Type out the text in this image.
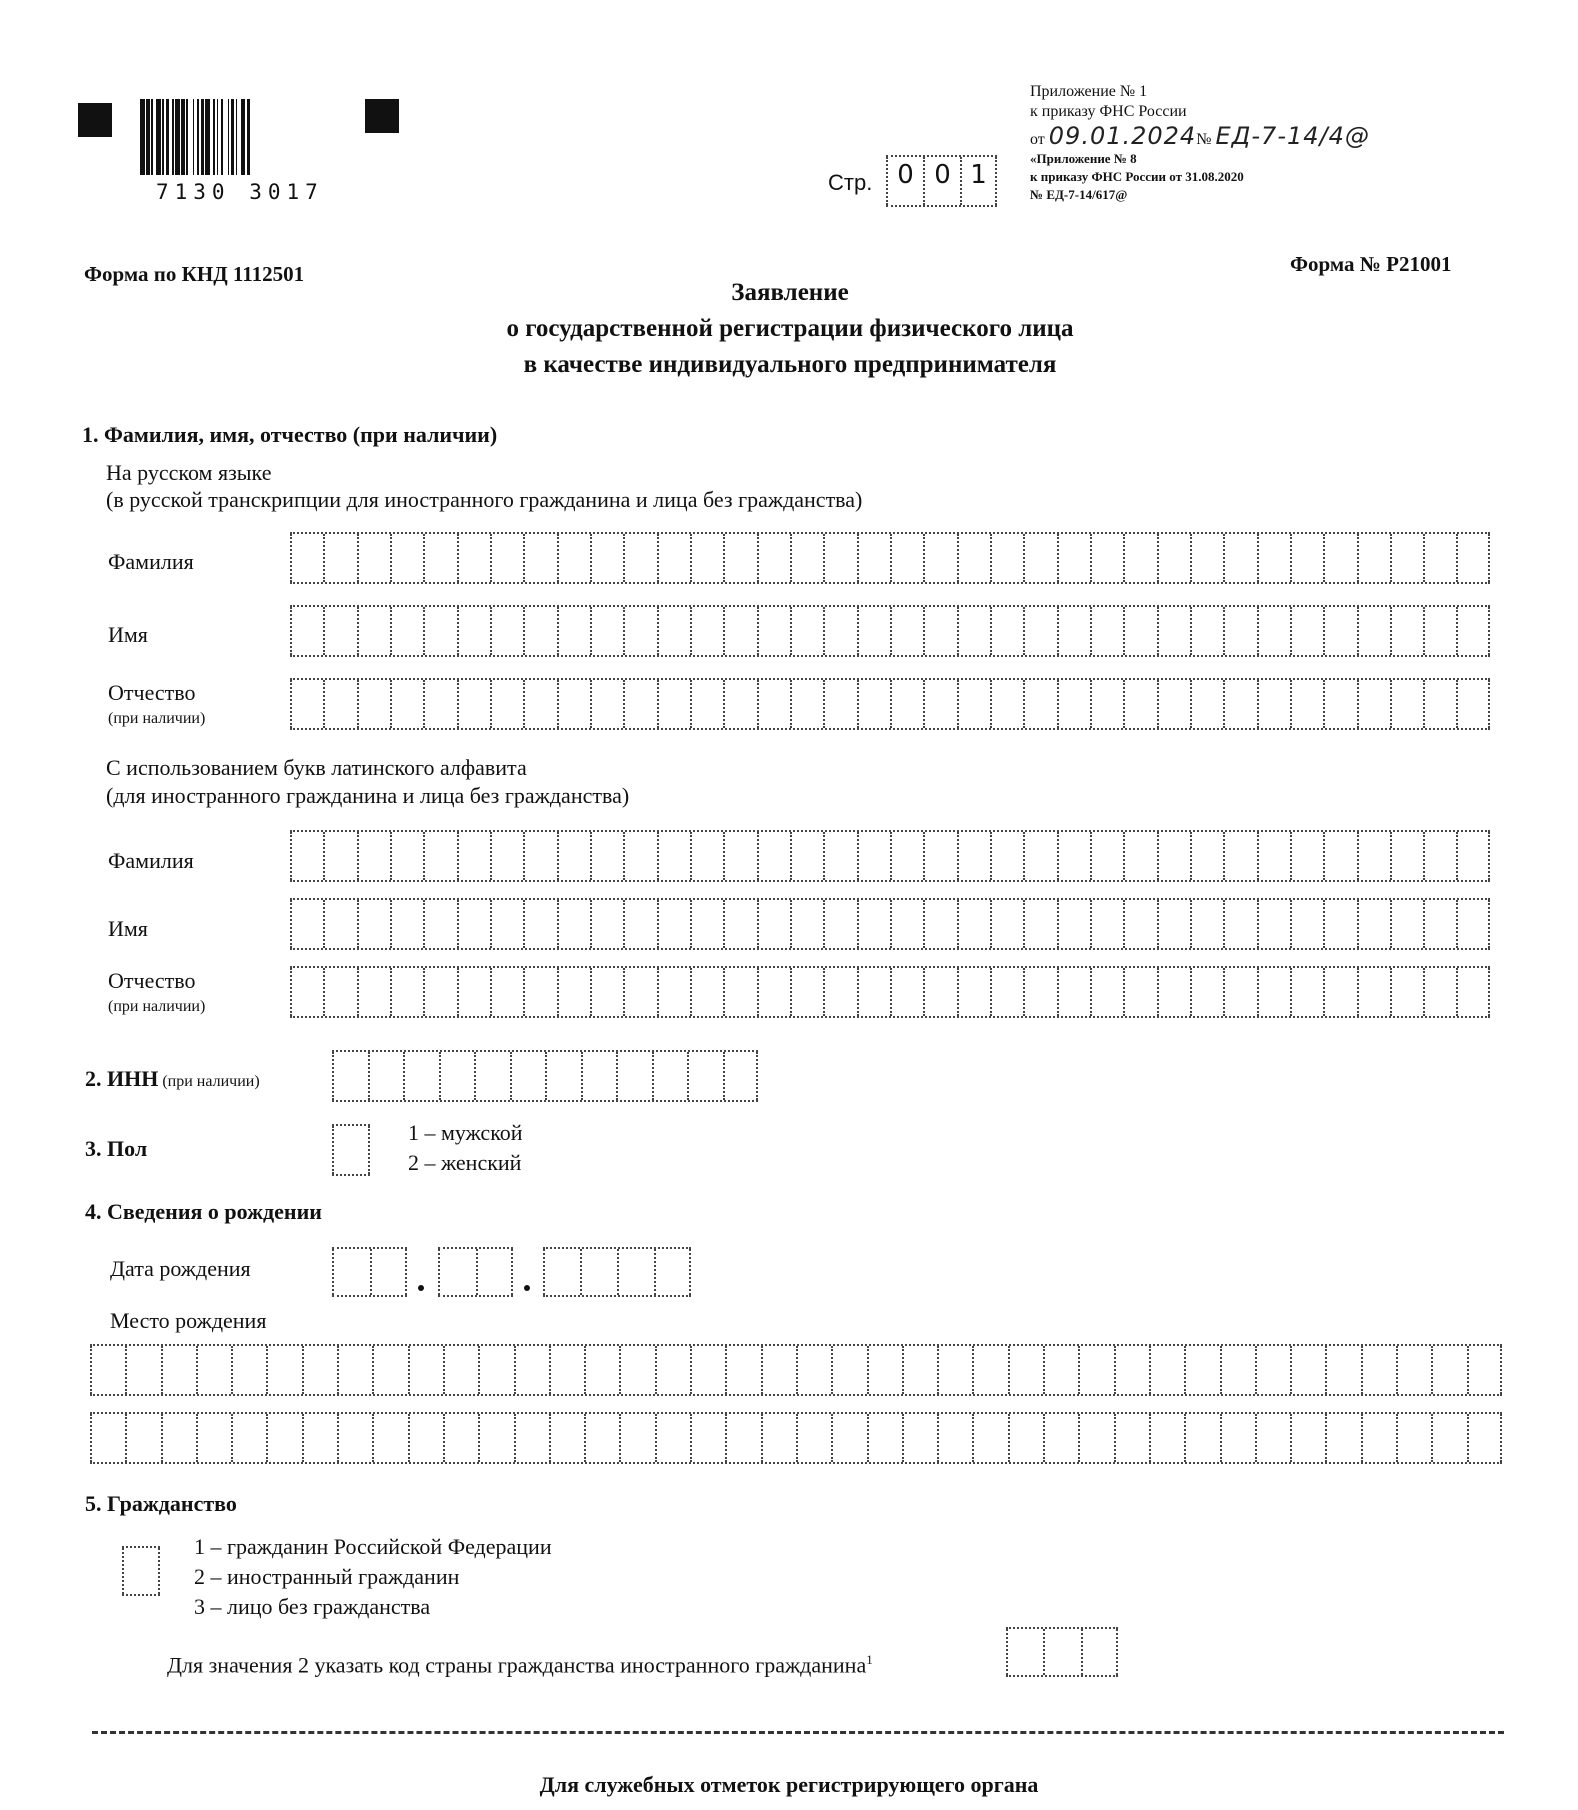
7130 3017	Стр. 0 0 1
Приложение № 1
к приказу ФНС России
от 09.01.2024№ ЕД-7-14/4@
«Приложение № 8
к приказу ФНС России от 31.08.2020
№ ЕД-7-14/617@
Форма по КНД 1112501	Форма № Р21001
Заявление
о государственной регистрации физического лица
в качестве индивидуального предпринимателя
1. Фамилия, имя, отчество (при наличии)
На русском языке
(в русской транскрипции для иностранного гражданина и лица без гражданства)
Фамилия
Имя
Отчество
(при наличии)
С использованием букв латинского алфавита
(для иностранного гражданина и лица без гражданства)
Фамилия
Имя
Отчество
(при наличии)
2. ИНН (при наличии)
3. Пол
1 – мужской
2 – женский
4. Сведения о рождении
Дата рождения
Место рождения
5. Гражданство
1 – гражданин Российской Федерации
2 – иностранный гражданин
3 – лицо без гражданства
Для значения 2 указать код страны гражданства иностранного гражданина$^1$
Для служебных отметок регистрирующего органа
